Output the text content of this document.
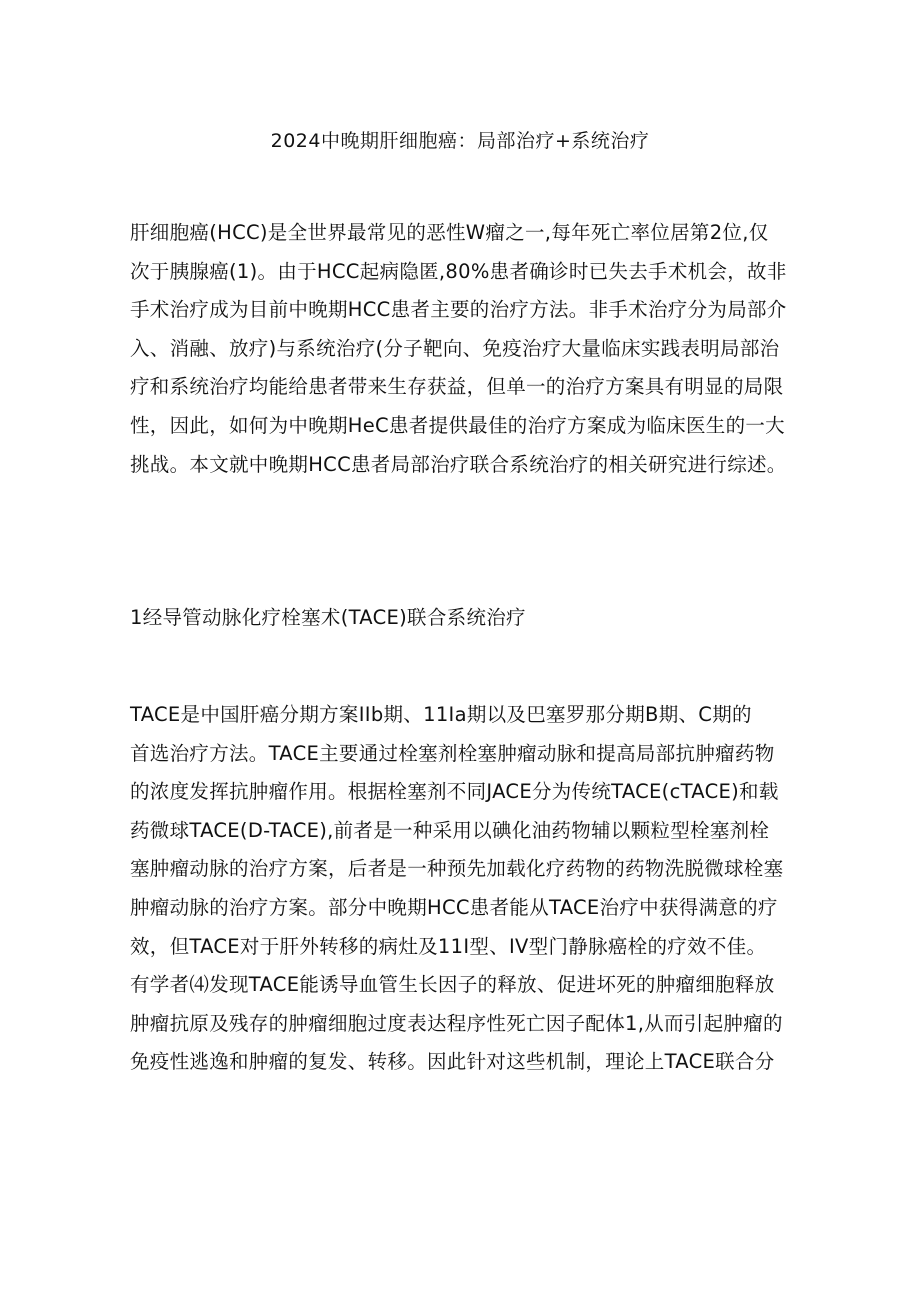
2024中晚期肝细胞癌：局部治疗+系统治疗

肝细胞癌(HCC)是全世界最常见的恶性W瘤之一,每年死亡率位居第2位,仅
次于胰腺癌(1)。由于HCC起病隐匿,80%患者确诊时已失去手术机会，故非
手术治疗成为目前中晚期HCC患者主要的治疗方法。非手术治疗分为局部介
入、消融、放疗)与系统治疗(分子靶向、免疫治疗大量临床实践表明局部治
疗和系统治疗均能给患者带来生存获益，但单一的治疗方案具有明显的局限
性，因此，如何为中晚期HeC患者提供最佳的治疗方案成为临床医生的一大
挑战。本文就中晚期HCC患者局部治疗联合系统治疗的相关研究进行综述。

1经导管动脉化疗栓塞术(TACE)联合系统治疗

TACE是中国肝癌分期方案IIb期、11Ia期以及巴塞罗那分期B期、C期的
首选治疗方法。TACE主要通过栓塞剂栓塞肿瘤动脉和提高局部抗肿瘤药物
的浓度发挥抗肿瘤作用。根据栓塞剂不同JACE分为传统TACE(cTACE)和载
药微球TACE(D-TACE),前者是一种采用以碘化油药物辅以颗粒型栓塞剂栓
塞肿瘤动脉的治疗方案，后者是一种预先加载化疗药物的药物洗脱微球栓塞
肿瘤动脉的治疗方案。部分中晚期HCC患者能从TACE治疗中获得满意的疗
效，但TACE对于肝外转移的病灶及11I型、IV型门静脉癌栓的疗效不佳。
有学者⑷发现TACE能诱导血管生长因子的释放、促进坏死的肿瘤细胞释放
肿瘤抗原及残存的肿瘤细胞过度表达程序性死亡因子配体1,从而引起肿瘤的
免疫性逃逸和肿瘤的复发、转移。因此针对这些机制，理论上TACE联合分
